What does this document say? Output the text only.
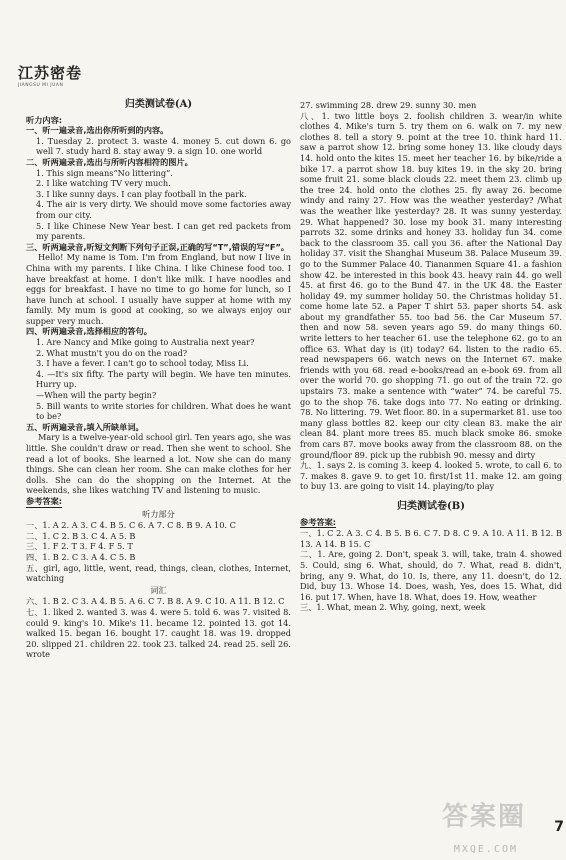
江苏密卷
JIANGSU MI JUAN
归类测试卷(A)
听力内容:
一、听一遍录音,选出你所听到的内容。
1. Tuesday 2. protect 3. waste 4. money 5. cut down 6. go well 7. study hard 8. stay away 9. a sign 10. one world
二、听两遍录音,选出与所听内容相符的图片。
1. This sign means“No littering”.
2. I like watching TV very much.
3. I like sunny days. I can play football in the park.
4. The air is very dirty. We should move some factories away from our city.
5. I like Chinese New Year best. I can get red packets from my parents.
三、听两遍录音,听短文判断下列句子正误,正确的写“T”,错误的写“F”。
Hello! My name is Tom. I'm from England, but now I live in China with my parents. I like China. I like Chinese food too. I have breakfast at home. I don't like milk. I have noodles and eggs for breakfast. I have no time to go home for lunch, so I have lunch at school. I usually have supper at home with my family. My mum is good at cooking, so we always enjoy our supper very much.
四、听两遍录音,选择相应的答句。
1. Are Nancy and Mike going to Australia next year?
2. What mustn't you do on the road?
3. I have a fever. I can't go to school today, Miss Li.
4. —It's six fifty. The party will begin. We have ten minutes. Hurry up.
—When will the party begin?
5. Bill wants to write stories for children. What does he want to be?
五、听两遍录音,填入所缺单词。
Mary is a twelve-year-old school girl. Ten years ago, she was little. She couldn't draw or read. Then she went to school. She read a lot of books. She learned a lot. Now she can do many things. She can clean her room. She can make clothes for her dolls. She can do the shopping on the Internet. At the weekends, she likes watching TV and listening to music.
参考答案:
听力部分
一、1. A 2. A 3. C 4. B 5. C 6. A 7. C 8. B 9. A 10. C
二、1. C 2. B 3. C 4. A 5. B
三、1. F 2. T 3. F 4. F 5. T
四、1. B 2. C 3. A 4. C 5. B
五、girl, ago, little, went, read, things, clean, clothes, Internet, watching
词汇
六、1. B 2. C 3. A 4. B 5. A 6. C 7. B 8. A 9. C 10. A 11. B 12. C
七、1. liked 2. wanted 3. was 4. were 5. told 6. was 7. visited 8. could 9. king's 10. Mike's 11. became 12. pointed 13. got 14. walked 15. began 16. bought 17. caught 18. was 19. dropped 20. slipped 21. children 22. took 23. talked 24. read 25. sell 26. wrote
27. swimming 28. drew 29. sunny 30. men
八、1. two little boys 2. foolish children 3. wear/in white clothes 4. Mike's turn 5. try them on 6. walk on 7. my new clothes 8. tell a story 9. point at the tree 10. think hard 11. saw a parrot show 12. bring some honey 13. like cloudy days 14. hold onto the kites 15. meet her teacher 16. by bike/ride a bike 17. a parrot show 18. buy kites 19. in the sky 20. bring some fruit 21. some black clouds 22. meet them 23. climb up the tree 24. hold onto the clothes 25. fly away 26. become windy and rainy 27. How was the weather yesterday? /What was the weather like yesterday? 28. It was sunny yesterday. 29. What happened? 30. lose my book 31. many interesting parrots 32. some drinks and honey 33. holiday fun 34. come back to the classroom 35. call you 36. after the National Day holiday 37. visit the Shanghai Museum 38. Palace Museum 39. go to the Summer Palace 40. Tiananmen Square 41. a fashion show 42. be interested in this book 43. heavy rain 44. go well 45. at first 46. go to the Bund 47. in the UK 48. the Easter holiday 49. my summer holiday 50. the Christmas holiday 51. come home late 52. a Paper T shirt 53. paper shorts 54. ask about my grandfather 55. too bad 56. the Car Museum 57. then and now 58. seven years ago 59. do many things 60. write letters to her teacher 61. use the telephone 62. go to an office 63. What day is (it) today? 64. listen to the radio 65. read newspapers 66. watch news on the Internet 67. make friends with you 68. read e-books/read an e-book 69. from all over the world 70. go shopping 71. go out of the train 72. go upstairs 73. make a sentence with “water” 74. be careful 75. go to the shop 76. take dogs into 77. No eating or drinking. 78. No littering. 79. Wet floor. 80. in a supermarket 81. use too many glass bottles 82. keep our city clean 83. make the air clean 84. plant more trees 85. much black smoke 86. smoke from cars 87. move books away from the classroom 88. on the ground/floor 89. pick up the rubbish 90. messy and dirty
九、1. says 2. is coming 3. keep 4. looked 5. wrote, to call 6. to 7. makes 8. gave 9. to get 10. first/1st 11. make 12. am going to buy 13. are going to visit 14. playing/to play
归类测试卷(B)
参考答案:
一、1. C 2. A 3. C 4. B 5. B 6. C 7. D 8. C 9. A 10. A 11. B 12. B 13. A 14. B 15. C
二、1. Are, going 2. Don't, speak 3. will, take, train 4. showed 5. Could, sing 6. What, should, do 7. What, read 8. didn't, bring, any 9. What, do 10. Is, there, any 11. doesn't, do 12. Did, buy 13. Whose 14. Does, wash, Yes, does 15. What, did 16. put 17. When, have 18. What, does 19. How, weather
三、1. What, mean 2. Why, going, next, week
答案圈
MXQE.COM
7
